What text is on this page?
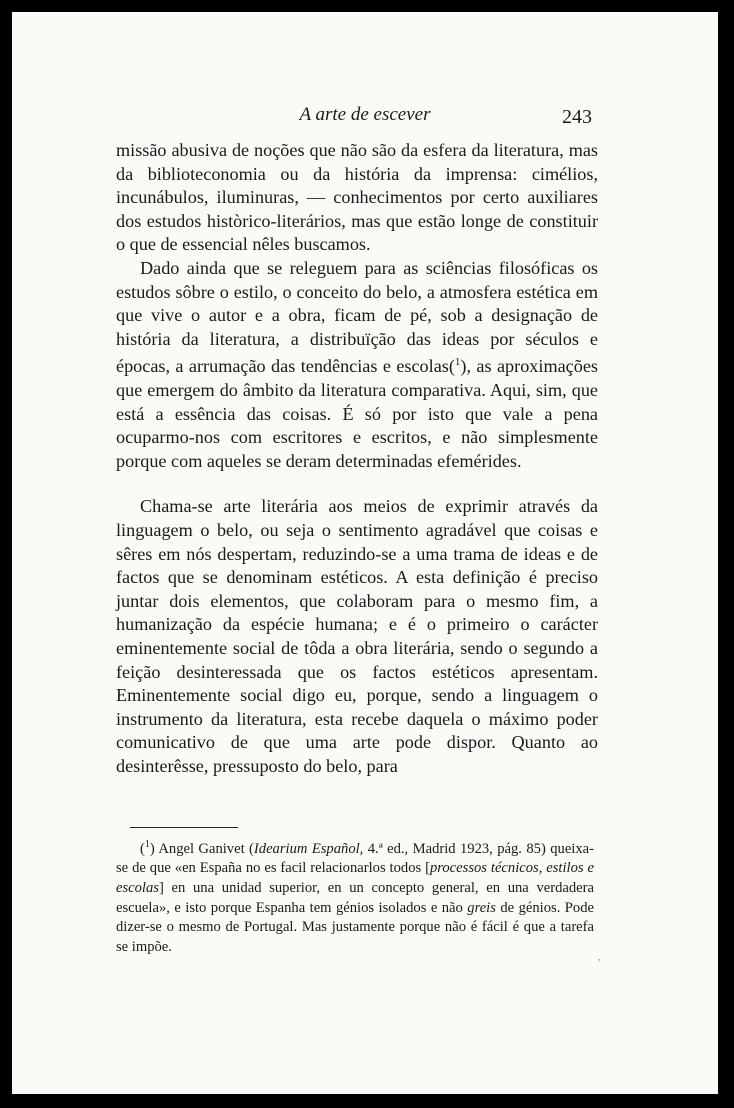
A arte de escever	243

missão abusiva de noções que não são da esfera da literatura, mas da biblioteconomia ou da história da imprensa: cimélios, incunábulos, iluminuras, — conhecimentos por certo auxiliares dos estudos històrico-literários, mas que estão longe de constituir o que de essencial nêles buscamos.

Dado ainda que se releguem para as sciências filosóficas os estudos sôbre o estilo, o conceito do belo, a atmosfera estética em que vive o autor e a obra, ficam de pé, sob a designação de história da literatura, a distribuïção das ideas por séculos e épocas, a arrumação das tendências e escolas($^1$), as aproximações que emergem do âmbito da literatura comparativa. Aqui, sim, que está a essência das coisas. É só por isto que vale a pena ocuparmo-nos com escritores e escritos, e não simplesmente porque com aqueles se deram determinadas efemérides.

Chama-se arte literária aos meios de exprimir através da linguagem o belo, ou seja o sentimento agradável que coisas e sêres em nós despertam, reduzindo-se a uma trama de ideas e de factos que se denominam estéticos. A esta definição é preciso juntar dois elementos, que colaboram para o mesmo fim, a humanização da espécie humana; e é o primeiro o carácter eminentemente social de tôda a obra literária, sendo o segundo a feição desinteressada que os factos estéticos apresentam. Eminentemente social digo eu, porque, sendo a linguagem o instrumento da literatura, esta recebe daquela o máximo poder comunicativo de que uma arte pode dispor. Quanto ao desinterêsse, pressuposto do belo, para

($^1$) Angel Ganivet (Idearium Español, 4.ª ed., Madrid 1923, pág. 85) queixa-se de que «en España no es facil relacionarlos todos [processos técnicos, estilos e escolas] en una unidad superior, en un concepto general, en una verdadera escuela», e isto porque Espanha tem génios isolados e não greis de génios. Pode dizer-se o mesmo de Portugal. Mas justamente porque não é fácil é que a tarefa se impõe.

,
